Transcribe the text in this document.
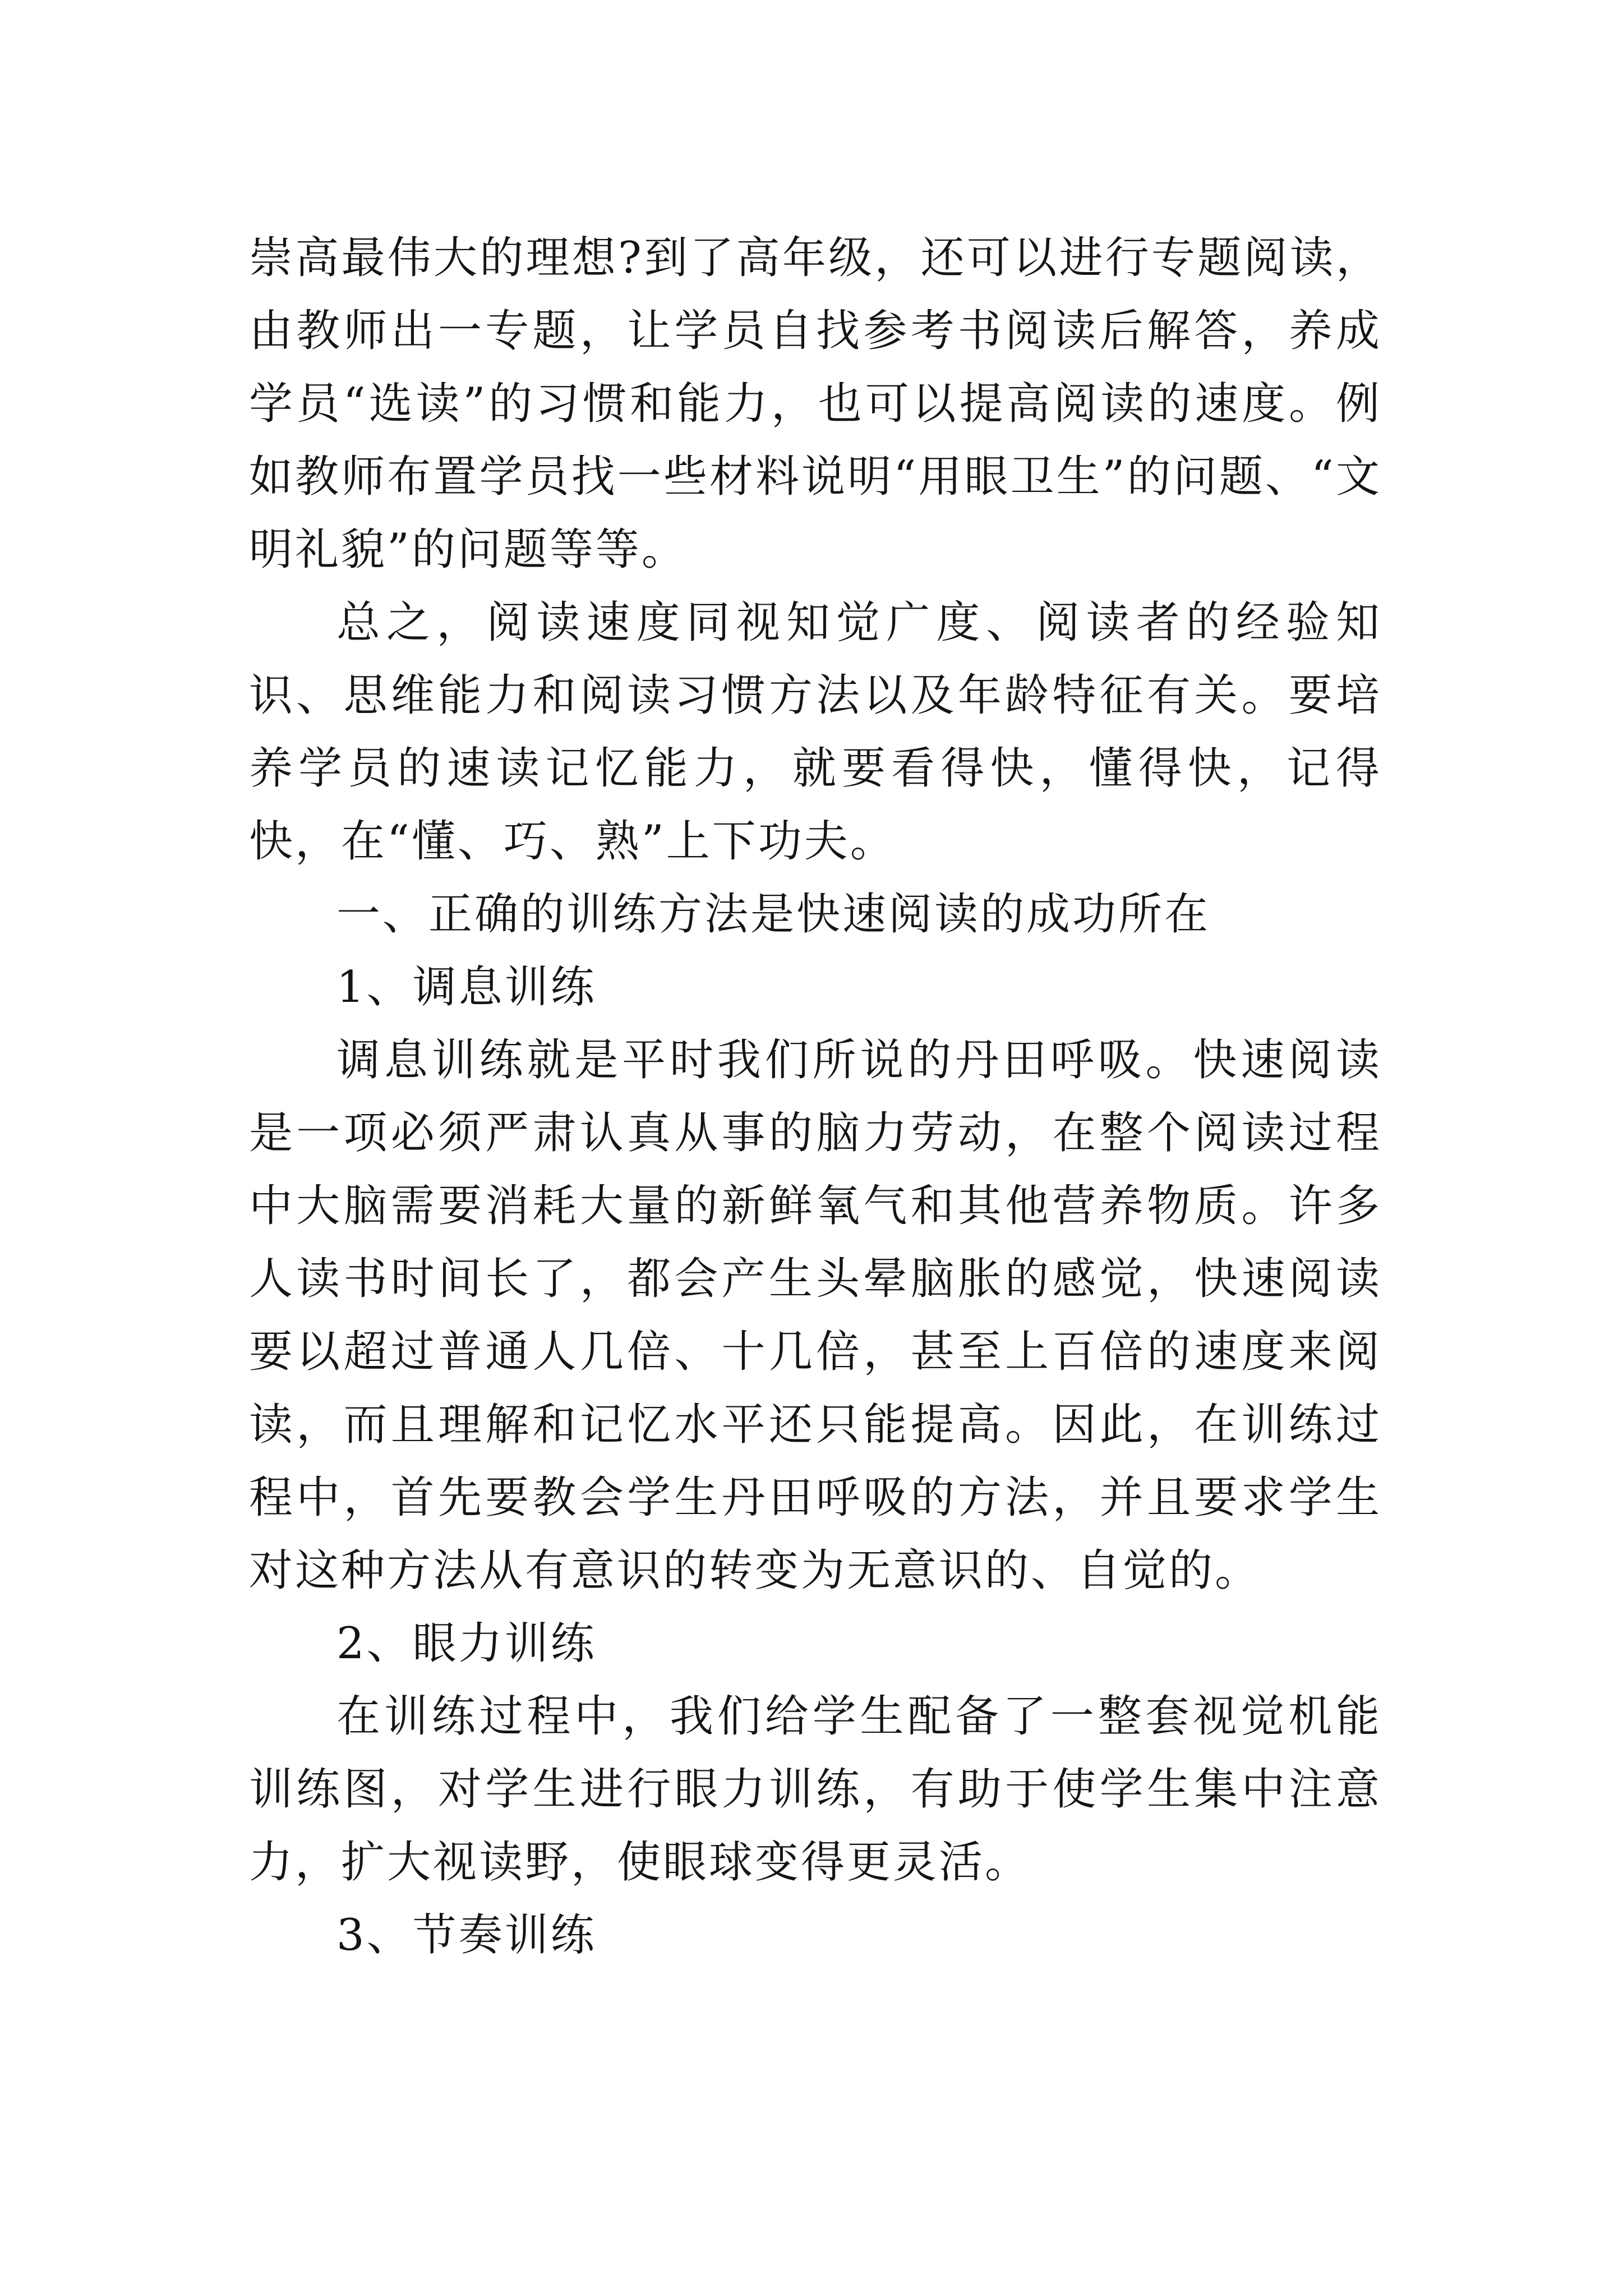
崇高最伟大的理想?到了高年级，还可以进行专题阅读，由教师出一专题，让学员自找参考书阅读后解答，养成学员“选读”的习惯和能力，也可以提高阅读的速度。例如教师布置学员找一些材料说明“用眼卫生”的问题、“文明礼貌”的问题等等。

总之，阅读速度同视知觉广度、阅读者的经验知识、思维能力和阅读习惯方法以及年龄特征有关。要培养学员的速读记忆能力，就要看得快，懂得快，记得快，在“懂、巧、熟”上下功夫。

一、正确的训练方法是快速阅读的成功所在

1、调息训练

调息训练就是平时我们所说的丹田呼吸。快速阅读是一项必须严肃认真从事的脑力劳动，在整个阅读过程中大脑需要消耗大量的新鲜氧气和其他营养物质。许多人读书时间长了，都会产生头晕脑胀的感觉，快速阅读要以超过普通人几倍、十几倍，甚至上百倍的速度来阅读，而且理解和记忆水平还只能提高。因此，在训练过程中，首先要教会学生丹田呼吸的方法，并且要求学生对这种方法从有意识的转变为无意识的、自觉的。

2、眼力训练

在训练过程中，我们给学生配备了一整套视觉机能训练图，对学生进行眼力训练，有助于使学生集中注意力，扩大视读野，使眼球变得更灵活。

3、节奏训练
